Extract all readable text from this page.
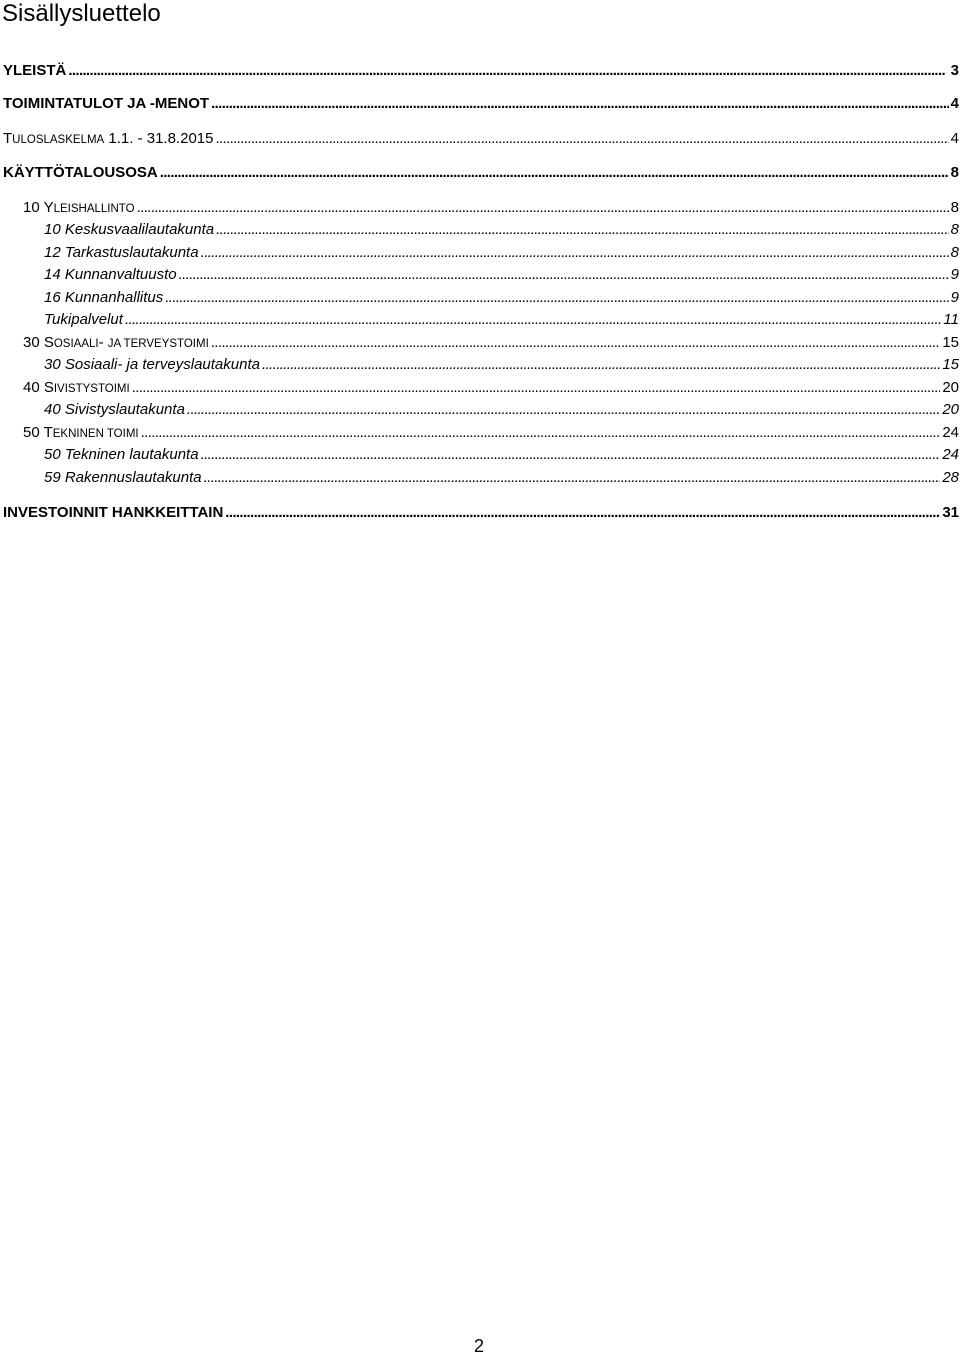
Sisällysluettelo
YLEISTÄ . . .	3
TOIMINTATULOT JA -MENOT . . .	4
TULOSLASKELMA 1.1. - 31.8.2015 . . .	4
KÄYTTÖTALOUSOSA . . .	8
10 YLEISHALLINTO . . .	8
10 Keskusvaalilautakunta . . .	8
12 Tarkastuslautakunta . . .	8
14 Kunnanvaltuusto . . .	9
16 Kunnanhallitus . . .	9
Tukipalvelut . . .	11
30 SOSIAALI- JA TERVEYSTOIMI . . .	15
30 Sosiaali- ja terveyslautakunta . . .	15
40 SIVISTYSTOIMI . . .	20
40 Sivistyslautakunta . . .	20
50 TEKNINEN TOIMI . . .	24
50 Tekninen lautakunta . . .	24
59 Rakennuslautakunta . . .	28
INVESTOINNIT HANKKEITTAIN . . .	31
2
